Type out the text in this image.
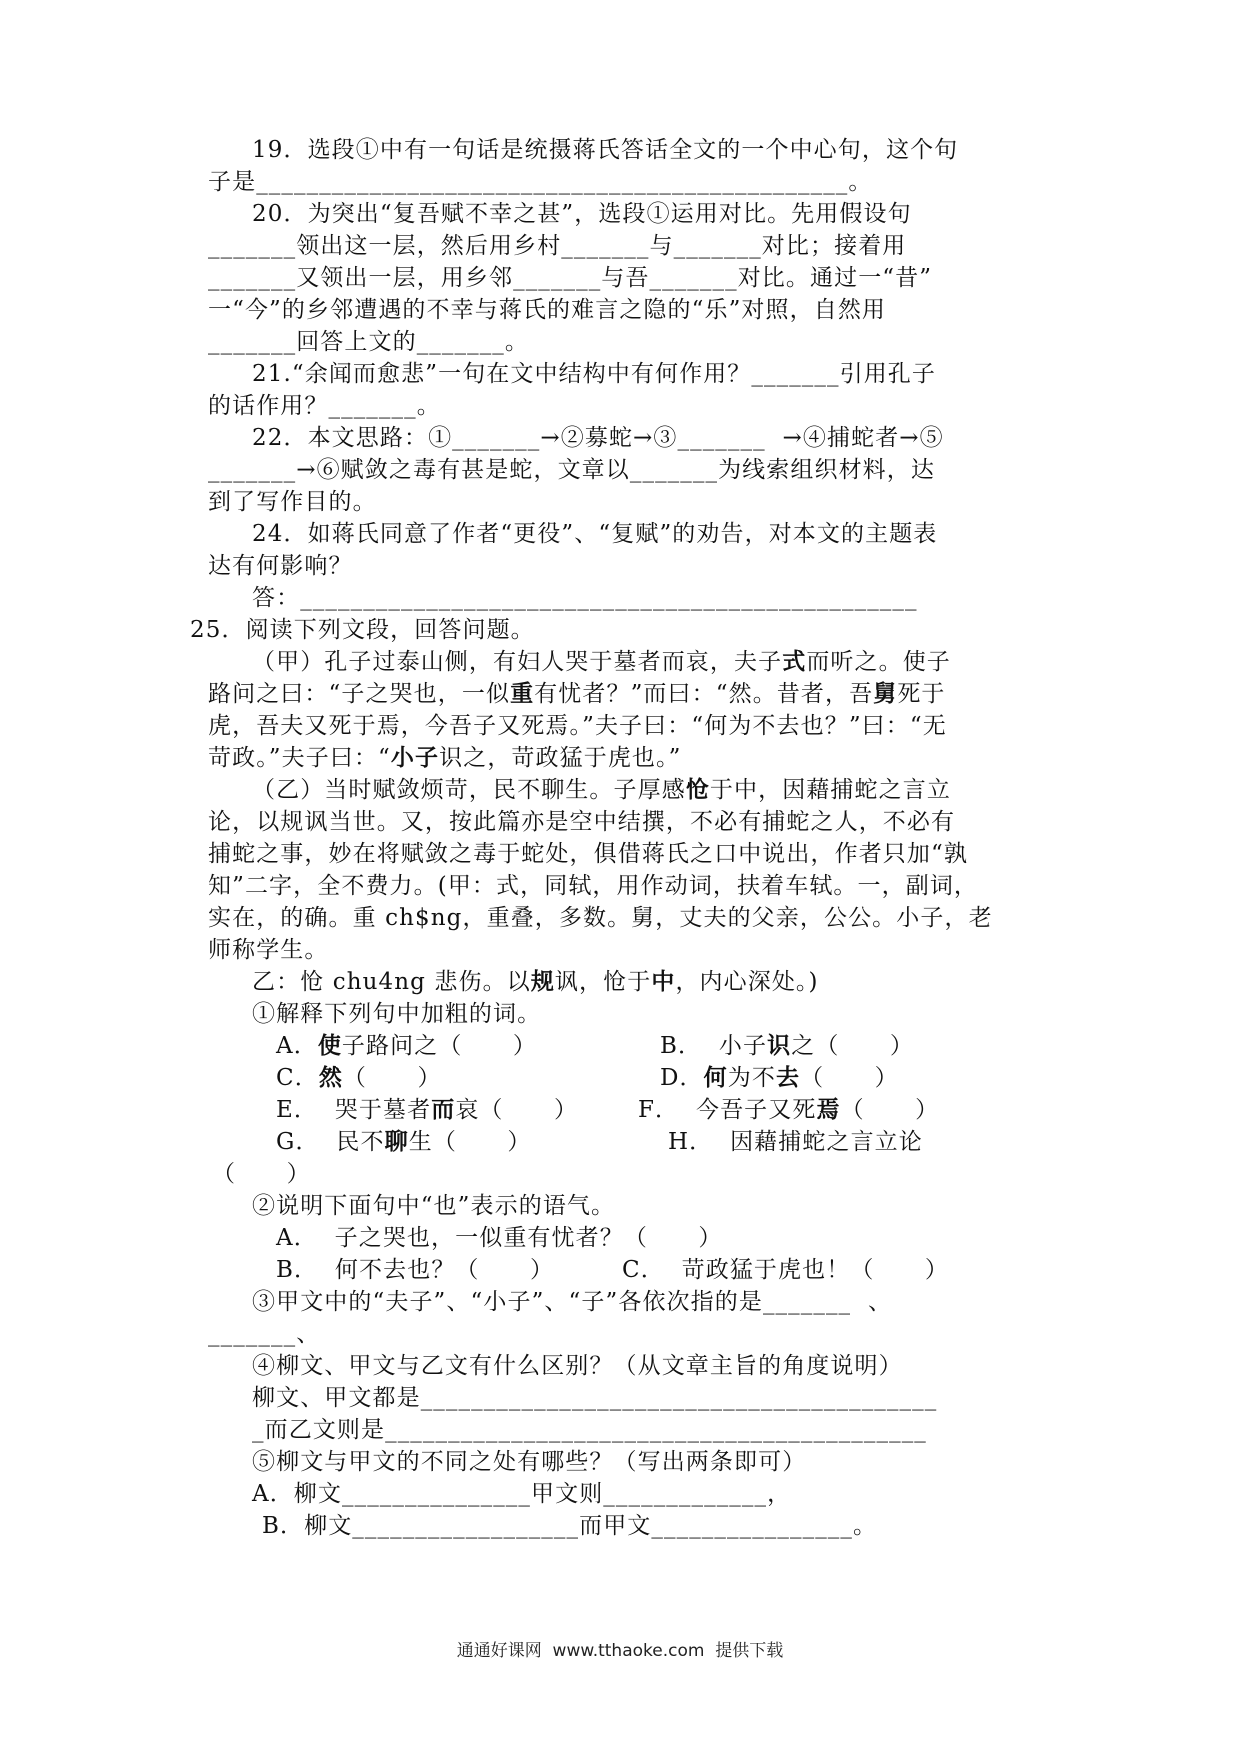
19．选段①中有一句话是统摄蒋氏答话全文的一个中心句，这个句
子是_______________________________________________。
20．为突出“复吾赋不幸之甚”，选段①运用对比。先用假设句
_______领出这一层，然后用乡村_______与_______对比；接着用
_______又领出一层，用乡邻_______与吾_______对比。通过一“昔”
一“今”的乡邻遭遇的不幸与蒋氏的难言之隐的“乐”对照，自然用
_______回答上文的_______。
21.“余闻而愈悲”一句在文中结构中有何作用？_______引用孔子
的话作用？_______。
22．本文思路：①_______→②募蛇→③_______  →④捕蛇者→⑤
_______→⑥赋敛之毒有甚是蛇，文章以_______为线索组织材料，达
到了写作目的。
24．如蒋氏同意了作者“更役”、“复赋”的劝告，对本文的主题表
达有何影响？
答：_________________________________________________
25．阅读下列文段，回答问题。
（甲）孔子过泰山侧，有妇人哭于墓者而哀，夫子式而听之。使子
路问之曰：“子之哭也，一似重有忧者？”而曰：“然。昔者，吾舅死于
虎，吾夫又死于焉，今吾子又死焉。”夫子曰：“何为不去也？”曰：“无
苛政。”夫子曰：“小子识之，苛政猛于虎也。”
（乙）当时赋敛烦苛，民不聊生。子厚感怆于中，因藉捕蛇之言立
论，以规讽当世。又，按此篇亦是空中结撰，不必有捕蛇之人，不必有
捕蛇之事，妙在将赋敛之毒于蛇处，俱借蒋氏之口中说出，作者只加“孰
知”二字，全不费力。(甲：式，同轼，用作动词，扶着车轼。一，副词，
实在，的确。重 ch$ng，重叠，多数。舅，丈夫的父亲，公公。小子，老
师称学生。
乙：怆 chu4ng 悲伤。以规讽，怆于中，内心深处。)
①解释下列句中加粗的词。
A．使子路问之（      ）	B．  小子识之（      ）
C．然（      ）	D．何为不去（      ）
E．  哭于墓者而哀（      ）	F．  今吾子又死焉（      ）
G．  民不聊生（      ）	H．  因藉捕蛇之言立论
（      ）
②说明下面句中“也”表示的语气。
A．  子之哭也，一似重有忧者？（      ）
B．  何不去也？（      ）	C．  苛政猛于虎也！（      ）
③甲文中的“夫子”、“小子”、“子”各依次指的是_______  、
_______、
④柳文、甲文与乙文有什么区别？（从文章主旨的角度说明）
柳文、甲文都是_________________________________________
_而乙文则是___________________________________________
⑤柳文与甲文的不同之处有哪些？（写出两条即可）
A．柳文_______________甲文则_____________，
B．柳文__________________而甲文________________。
通通好课网  www.tthaoke.com  提供下载
